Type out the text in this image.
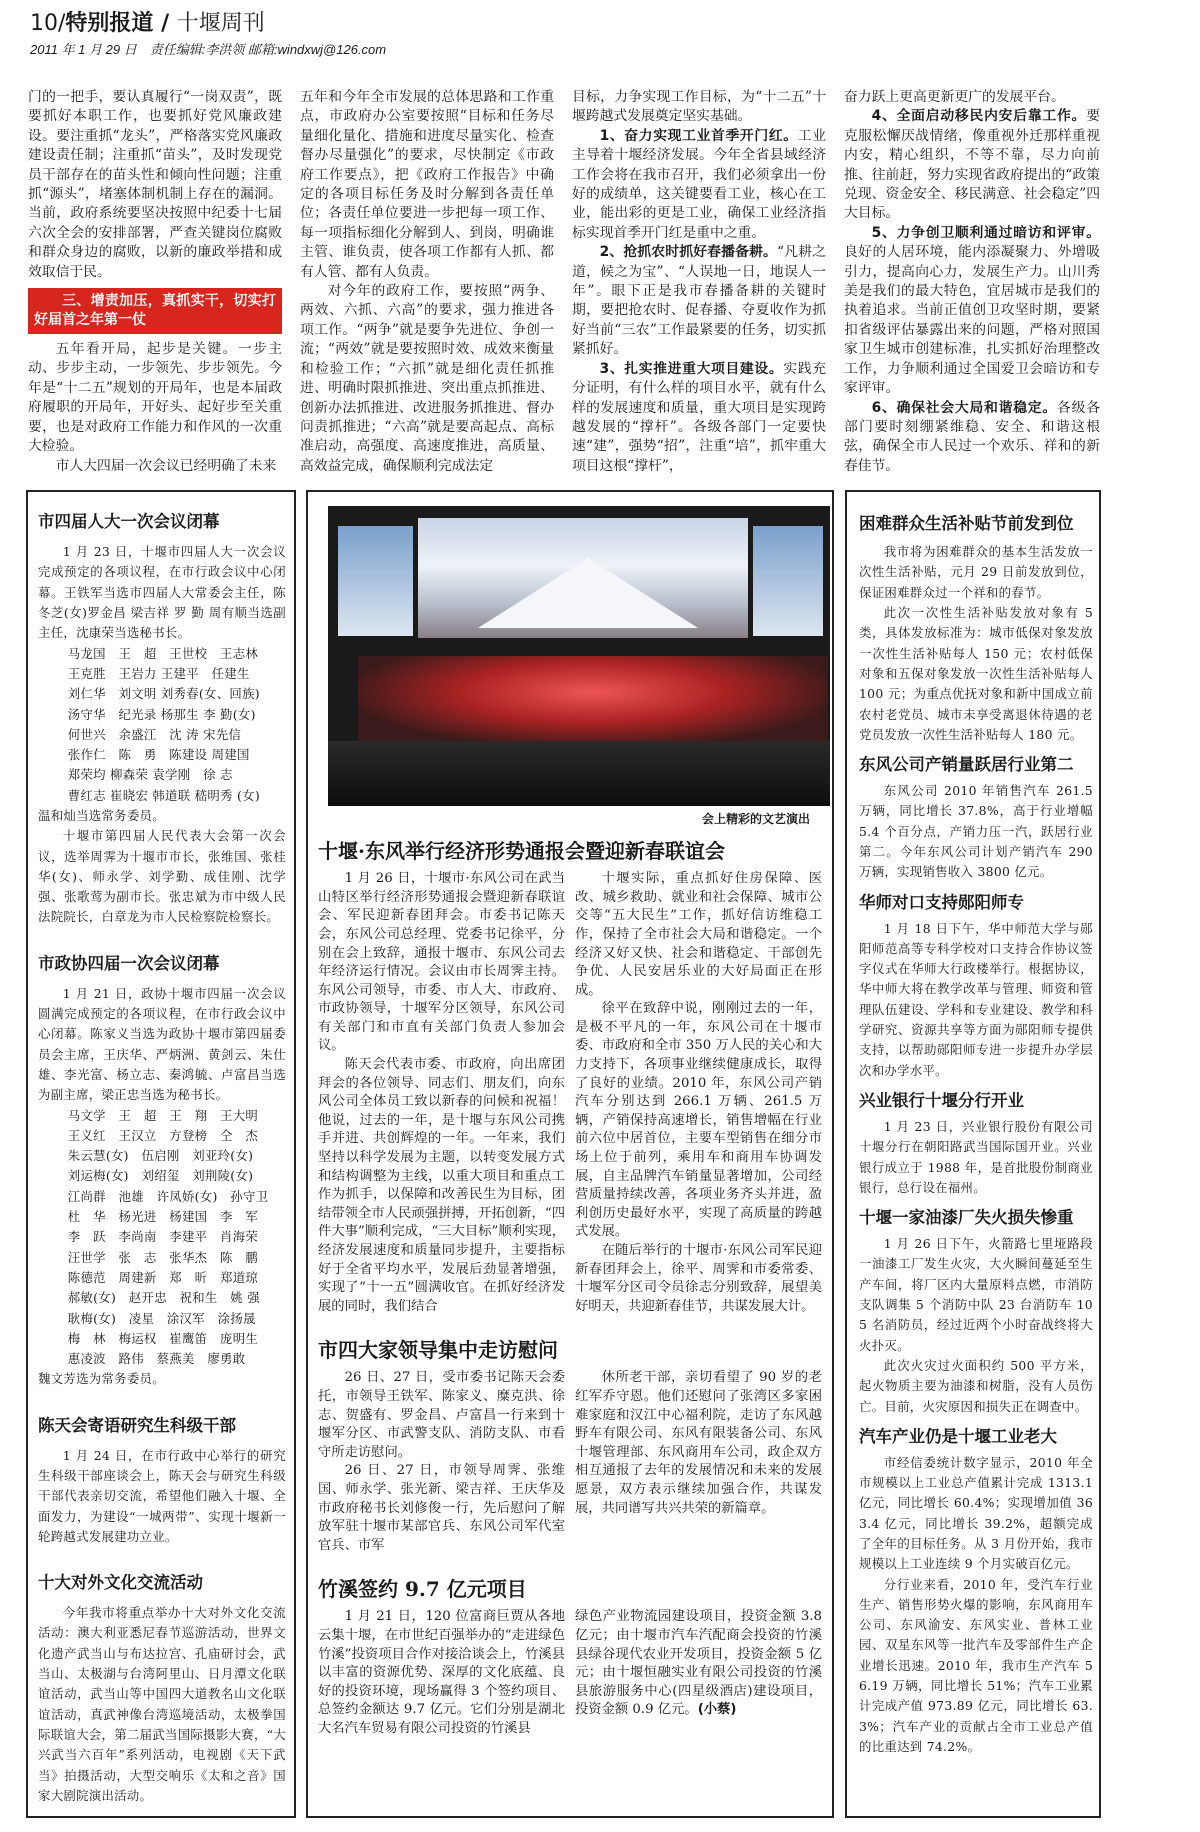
10/特别报道 / 十堰周刊
2011 年 1 月 29 日　责任编辑:李洪领 邮箱:windxwj@126.com

门的一把手，要认真履行“一岗双责”，既要抓好本职工作，也要抓好党风廉政建设。要注重抓“龙头”，严格落实党风廉政建设责任制；注重抓“苗头”，及时发现党员干部存在的苗头性和倾向性问题；注重抓“源头”，堵塞体制机制上存在的漏洞。当前，政府系统要坚决按照中纪委十七届六次全会的安排部署，严查关键岗位腐败和群众身边的腐败，以新的廉政举措和成效取信于民。

三、增责加压，真抓实干，切实打好届首之年第一仗

五年看开局，起步是关键。一步主动、步步主动，一步领先、步步领先。今年是“十二五”规划的开局年，也是本届政府履职的开局年，开好头、起好步至关重要，也是对政府工作能力和作风的一次重大检验。

市人大四届一次会议已经明确了未来

五年和今年全市发展的总体思路和工作重点，市政府办公室要按照“目标和任务尽量细化量化、措施和进度尽量实化、检查督办尽量强化”的要求，尽快制定《市政府工作要点》，把《政府工作报告》中确定的各项目标任务及时分解到各责任单位；各责任单位要进一步把每一项工作、每一项指标细化分解到人、到岗，明确谁主管、谁负责，使各项工作都有人抓、都有人管、都有人负责。

对今年的政府工作，要按照“两争、两效、六抓、六高”的要求，强力推进各项工作。“两争”就是要争先进位、争创一流；“两效”就是要按照时效、成效来衡量和检验工作；“六抓”就是细化责任抓推进、明确时限抓推进、突出重点抓推进、创新办法抓推进、改进服务抓推进、督办问责抓推进；“六高”就是要高起点、高标准启动，高强度、高速度推进，高质量、高效益完成，确保顺利完成法定

目标，力争实现工作目标，为“十二五”十堰跨越式发展奠定坚实基础。

1、奋力实现工业首季开门红。工业主导着十堰经济发展。今年全省县域经济工作会将在我市召开，我们必须拿出一份好的成绩单，这关键要看工业，核心在工业，能出彩的更是工业，确保工业经济指标实现首季开门红是重中之重。

2、抢抓农时抓好春播备耕。“凡耕之道，候之为宝”、“人误地一日，地误人一年”。眼下正是我市春播备耕的关键时期，要把抢农时、促春播、夺夏收作为抓好当前“三农”工作最紧要的任务，切实抓紧抓好。

3、扎实推进重大项目建设。实践充分证明，有什么样的项目水平，就有什么样的发展速度和质量，重大项目是实现跨越发展的“撑杆”。各级各部门一定要快速“建”，强势“招”，注重“培”，抓牢重大项目这根“撑杆”，

奋力跃上更高更新更广的发展平台。

4、全面启动移民内安后靠工作。要克服松懈厌战情绪，像重视外迁那样重视内安，精心组织，不等不靠，尽力向前推、往前赶，努力实现省政府提出的“政策兑现、资金安全、移民满意、社会稳定”四大目标。

5、力争创卫顺利通过暗访和评审。良好的人居环境，能内添凝聚力、外增吸引力，提高向心力，发展生产力。山川秀美是我们的最大特色，宜居城市是我们的执着追求。当前正值创卫攻坚时期，要紧扣省级评估暴露出来的问题，严格对照国家卫生城市创建标准，扎实抓好治理整改工作，力争顺利通过全国爱卫会暗访和专家评审。

6、确保社会大局和谐稳定。各级各部门要时刻绷紧维稳、安全、和谐这根弦，确保全市人民过一个欢乐、祥和的新春佳节。

市四届人大一次会议闭幕

1 月 23 日，十堰市四届人大一次会议完成预定的各项议程，在市行政会议中心闭幕。王铁军当选市四届人大常委会主任，陈冬芝(女)罗金昌 梁吉祥 罗 勤 周有顺当选副主任，沈康荣当选秘书长。

马龙国　王　超　王世校　王志林

王克胜　王岩力 王建平　任建生

刘仁华　刘文明 刘秀春(女、回族)

汤守华　纪光录 杨那生 李 勤(女)

何世兴　余盛江　沈 涛 宋先信

张作仁　陈　勇　陈建设 周建国

郑荣均 柳森荣 袁学刚　徐 志

曹红志 崔晓宏 韩道联 嵇明秀 (女)

温和灿当选常务委员。

十堰市第四届人民代表大会第一次会议，选举周霁为十堰市市长，张维国、张桂华(女)、师永学、刘学勤、成佳刚、沈学强、张歌莺为副市长。张忠斌为市中级人民法院院长，白章龙为市人民检察院检察长。

市政协四届一次会议闭幕

1 月 21 日，政协十堰市四届一次会议圆满完成预定的各项议程，在市行政会议中心闭幕。陈家义当选为政协十堰市第四届委员会主席，王庆华、严炳洲、黄剑云、朱仕雄、李光富、杨立志、秦鸿毓、卢富昌当选为副主席，梁正忠当选为秘书长。

马文学　王　超　王　翔　王大明

王义红　王汉立　方登榜　仝　杰

朱云慧(女)　伍启刚　刘亚玲(女)

刘运梅(女)　刘绍玺　刘荆陵(女)

江尚群　池雄　许凤娇(女)　孙守卫

杜　华　杨光进　杨建国　李　军

李　跃　李尚南　李建平　肖海荣

汪世学　张　志　张华杰　陈　鹏

陈德范　周建新　郑　昕　郑道琼

郝敏(女)　赵开忠　祝和生　姚 强

耿梅(女)　凌星　涂汉军　涂扬晟

梅　林　梅运权　崔鹰笛　庞明生

惠凌波　路伟　蔡燕美　廖勇敢

魏文芳选为常务委员。

陈天会寄语研究生科级干部

1 月 24 日，在市行政中心举行的研究生科级干部座谈会上，陈天会与研究生科级干部代表亲切交流，希望他们融入十堰、全面发力，为建设“一城两带”、实现十堰新一轮跨越式发展建功立业。

十大对外文化交流活动

今年我市将重点举办十大对外文化交流活动：澳大利亚悉尼春节巡游活动，世界文化遗产武当山与布达拉宫、孔庙研讨会，武当山、太极湖与台湾阿里山、日月潭文化联谊活动，武当山等中国四大道教名山文化联谊活动，真武神像台湾巡境活动，太极拳国际联谊大会，第二届武当国际摄影大赛，“大兴武当六百年”系列活动，电视剧《天下武当》拍摄活动，大型交响乐《太和之音》国家大剧院演出活动。

会上精彩的文艺演出
十堰·东风举行经济形势通报会暨迎新春联谊会

1 月 26 日，十堰市·东风公司在武当山特区举行经济形势通报会暨迎新春联谊会、军民迎新春团拜会。市委书记陈天会，东风公司总经理、党委书记徐平，分别在会上致辞，通报十堰市、东风公司去年经济运行情况。会议由市长周霁主持。东风公司领导，市委、市人大、市政府、市政协领导，十堰军分区领导，东风公司有关部门和市直有关部门负责人参加会议。

陈天会代表市委、市政府，向出席团拜会的各位领导、同志们、朋友们，向东风公司全体员工致以新春的问候和祝福！他说，过去的一年，是十堰与东风公司携手并进、共创辉煌的一年。一年来，我们坚持以科学发展为主题，以转变发展方式和结构调整为主线，以重大项目和重点工作为抓手，以保障和改善民生为目标，团结带领全市人民顽强拼搏，开拓创新，“四件大事”顺利完成，“三大目标”顺利实现，经济发展速度和质量同步提升，主要指标好于全省平均水平，发展后劲显著增强，实现了“十一五”圆满收官。在抓好经济发展的同时，我们结合

十堰实际，重点抓好住房保障、医改、城乡救助、就业和社会保障、城市公交等“五大民生”工作，抓好信访维稳工作，保持了全市社会大局和谐稳定。一个经济又好又快、社会和谐稳定、干部创先争优、人民安居乐业的大好局面正在形成。

徐平在致辞中说，刚刚过去的一年，是极不平凡的一年，东风公司在十堰市委、市政府和全市 350 万人民的关心和大力支持下，各项事业继续健康成长，取得了良好的业绩。2010 年，东风公司产销汽车分别达到 266.1 万辆、261.5 万辆，产销保持高速增长，销售增幅在行业前六位中居首位，主要车型销售在细分市场上位于前列，乘用车和商用车协调发展，自主品牌汽车销量显著增加，公司经营质量持续改善，各项业务齐头并进，盈利创历史最好水平，实现了高质量的跨越式发展。

在随后举行的十堰市·东风公司军民迎新春团拜会上，徐平、周霁和市委常委、十堰军分区司令员徐志分别致辞，展望美好明天，共迎新春佳节，共谋发展大计。

市四大家领导集中走访慰问

26 日、27 日，受市委书记陈天会委托，市领导王铁军、陈家义、糜克洪、徐志、贺盛有、罗金昌、卢富昌一行来到十堰军分区、市武警支队、消防支队、市看守所走访慰问。

26 日、27 日，市领导周霁、张维国、师永学、张光新、梁吉祥、王庆华及市政府秘书长刘修俊一行，先后慰问了解放军驻十堰市某部官兵、东风公司军代室官兵、市军

休所老干部，亲切看望了 90 岁的老红军乔守恩。他们还慰问了张湾区多家困难家庭和汉江中心福利院，走访了东风越野车有限公司、东风有限装备公司、东风十堰管理部、东风商用车公司，政企双方相互通报了去年的发展情况和未来的发展愿景，双方表示继续加强合作，共谋发展，共同谱写共兴共荣的新篇章。

竹溪签约 9.7 亿元项目

1 月 21 日，120 位富商巨贾从各地云集十堰，在市世纪百强举办的“走进绿色竹溪”投资项目合作对接洽谈会上，竹溪县以丰富的资源优势、深厚的文化底蕴、良好的投资环境，现场赢得 3 个签约项目、总签约金额达 9.7 亿元。它们分别是湖北大名汽车贸易有限公司投资的竹溪县

绿色产业物流园建设项目，投资金额 3.8 亿元；由十堰市汽车汽配商会投资的竹溪县绿谷现代农业开发项目，投资金额 5 亿元；由十堰恒融实业有限公司投资的竹溪县旅游服务中心(四星级酒店)建设项目，投资金额 0.9 亿元。(小蔡)

困难群众生活补贴节前发到位

我市将为困难群众的基本生活发放一次性生活补贴，元月 29 日前发放到位，保证困难群众过一个祥和的春节。

此次一次性生活补贴发放对象有 5 类，具体发放标准为：城市低保对象发放一次性生活补贴每人 150 元；农村低保对象和五保对象发放一次性生活补贴每人 100 元；为重点优抚对象和新中国成立前农村老党员、城市未享受离退休待遇的老党员发放一次性生活补贴每人 180 元。

东风公司产销量跃居行业第二

东风公司 2010 年销售汽车 261.5 万辆，同比增长 37.8%，高于行业增幅 5.4 个百分点，产销力压一汽，跃居行业第二。今年东风公司计划产销汽车 290 万辆，实现销售收入 3800 亿元。

华师对口支持郧阳师专

1 月 18 日下午，华中师范大学与郧阳师范高等专科学校对口支持合作协议签字仪式在华师大行政楼举行。根据协议，华中师大将在教学改革与管理、师资和管理队伍建设、学科和专业建设、教学和科学研究、资源共享等方面为郧阳师专提供支持，以帮助郧阳师专进一步提升办学层次和办学水平。

兴业银行十堰分行开业

1 月 23 日，兴业银行股份有限公司十堰分行在朝阳路武当国际国开业。兴业银行成立于 1988 年，是首批股份制商业银行，总行设在福州。

十堰一家油漆厂失火损失惨重

1 月 26 日下午，火箭路七里垭路段一油漆工厂发生火灾，大火瞬间蔓延至生产车间，将厂区内大量原料点燃，市消防支队调集 5 个消防中队 23 台消防车 105 名消防员，经过近两个小时奋战终将大火扑灭。

此次火灾过火面积约 500 平方米，起火物质主要为油漆和树脂，没有人员伤亡。目前，火灾原因和损失正在调查中。

汽车产业仍是十堰工业老大

市经信委统计数字显示，2010 年全市规模以上工业总产值累计完成 1313.1 亿元，同比增长 60.4%；实现增加值 363.4 亿元，同比增长 39.2%，超额完成了全年的目标任务。从 3 月份开始，我市规模以上工业连续 9 个月实破百亿元。

分行业来看，2010 年，受汽车行业生产、销售形势火爆的影响，东风商用车公司、东风渝安、东风实业、普林工业园、双星东风等一批汽车及零部件生产企业增长迅速。2010 年，我市生产汽车 56.19 万辆，同比增长 51%；汽车工业累计完成产值 973.89 亿元，同比增长 63.3%；汽车产业的贡献占全市工业总产值的比重达到 74.2%。
